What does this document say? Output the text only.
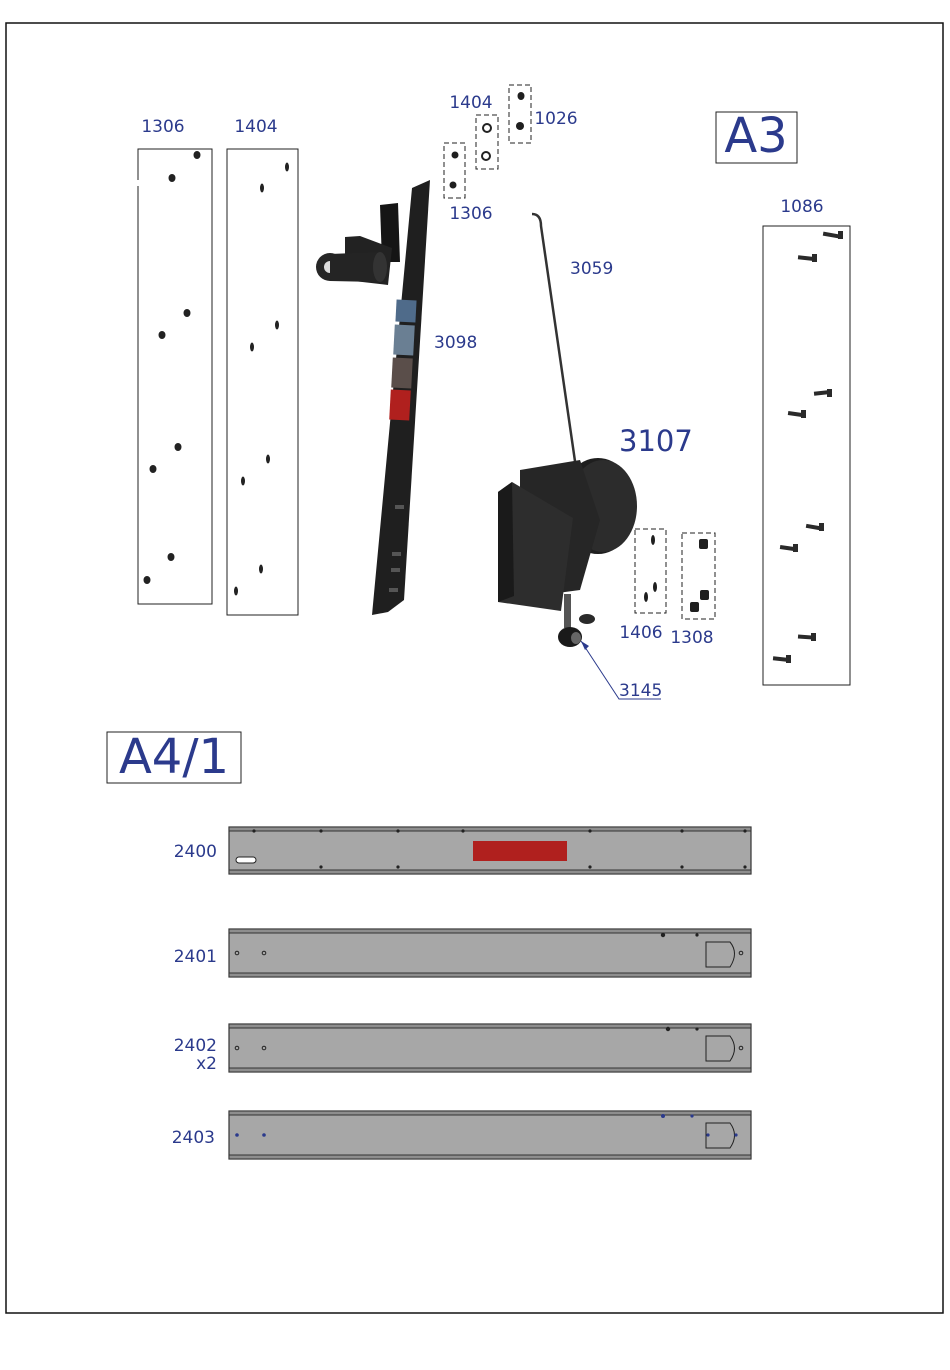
A3
1306	1404
1404
1026
1306	1086
3098
3059
3107
1406 1308
3145
A4/1
2400
2401
2402
x2
2403
